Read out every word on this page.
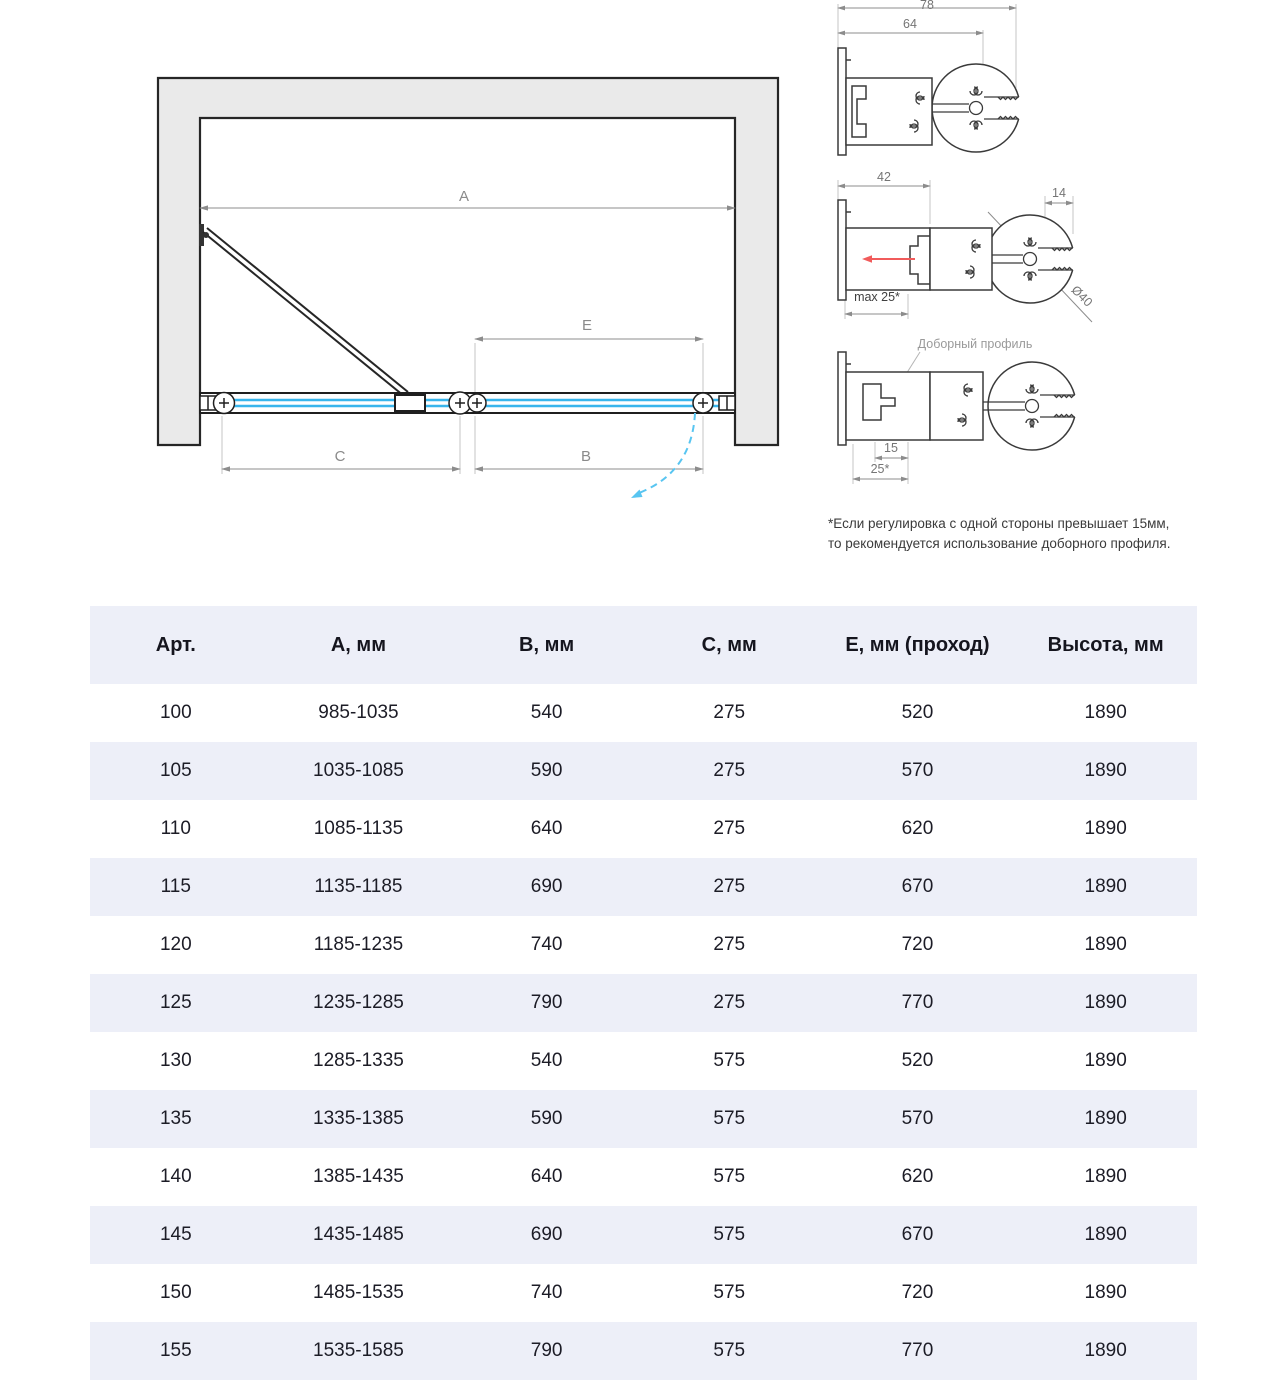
A
E
C	B
78
64
42
14
max 25*	Ø40
Доборный профиль
15
25*
*Если регулировка с одной стороны превышает 15мм,
то рекомендуется использование доборного профиля.
Арт.	А, мм	В, мм	С, мм	Е, мм (проход)	Высота, мм
100	985-1035	540	275	520	1890
105	1035-1085	590	275	570	1890
110	1085-1135	640	275	620	1890
115	1135-1185	690	275	670	1890
120	1185-1235	740	275	720	1890
125	1235-1285	790	275	770	1890
130	1285-1335	540	575	520	1890
135	1335-1385	590	575	570	1890
140	1385-1435	640	575	620	1890
145	1435-1485	690	575	670	1890
150	1485-1535	740	575	720	1890
155	1535-1585	790	575	770	1890
